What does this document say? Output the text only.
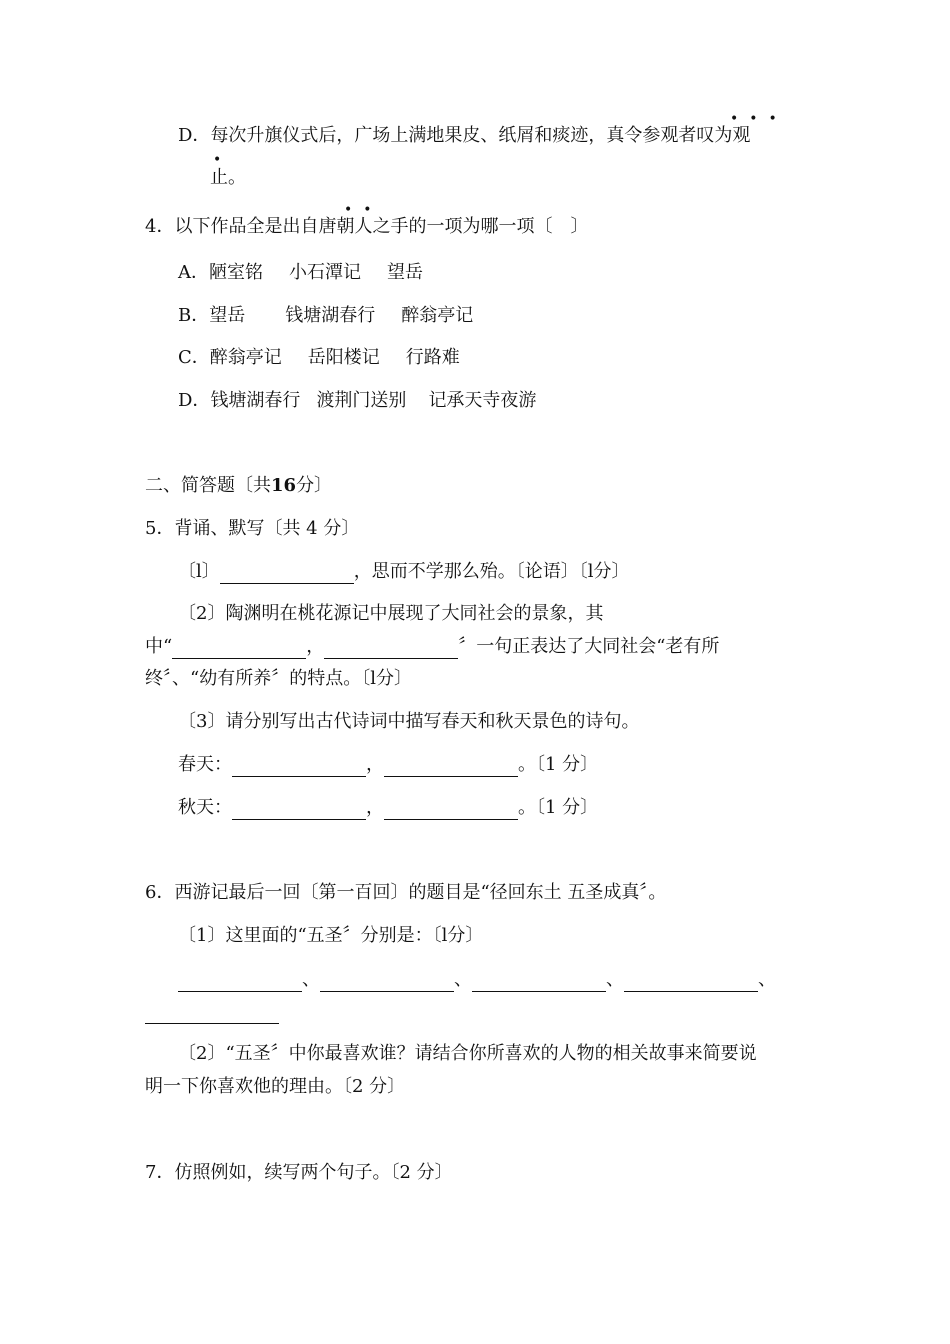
•••
D．每次升旗仪式后，广场上满地果皮、纸屑和痰迹，真令参观者叹为观
•
止。
••
4．以下作品全是出自唐朝人之手的一项为哪一项〔　〕
A．陋室铭 小石潭记 望岳
B．望岳 钱塘湖春行 醉翁亭记
C．醉翁亭记 岳阳楼记 行路难
D．钱塘湖春行 渡荆门送别 记承天寺夜游
二、简答题〔共16分〕
5．背诵、默写〔共 4 分〕
〔l〕	，思而不学那么殆。〔论语〕〔l分〕
〔2〕陶渊明在桃花源记中展现了大同社会的景象，其
中“	，	〞一句正表达了大同社会“老有所
终〞、“幼有所养〞的特点。〔l分〕
〔3〕请分别写出古代诗词中描写春天和秋天景色的诗句。
春天：	，	。〔1 分〕
秋天：	，	。〔1 分〕
6．西游记最后一回〔第一百回〕的题目是“径回东土 五圣成真〞。
〔1〕这里面的“五圣〞分别是：〔l分〕
、	、	、	、
〔2〕“五圣〞中你最喜欢谁？请结合你所喜欢的人物的相关故事来简要说
明一下你喜欢他的理由。〔2 分〕
7．仿照例如，续写两个句子。〔2 分〕
